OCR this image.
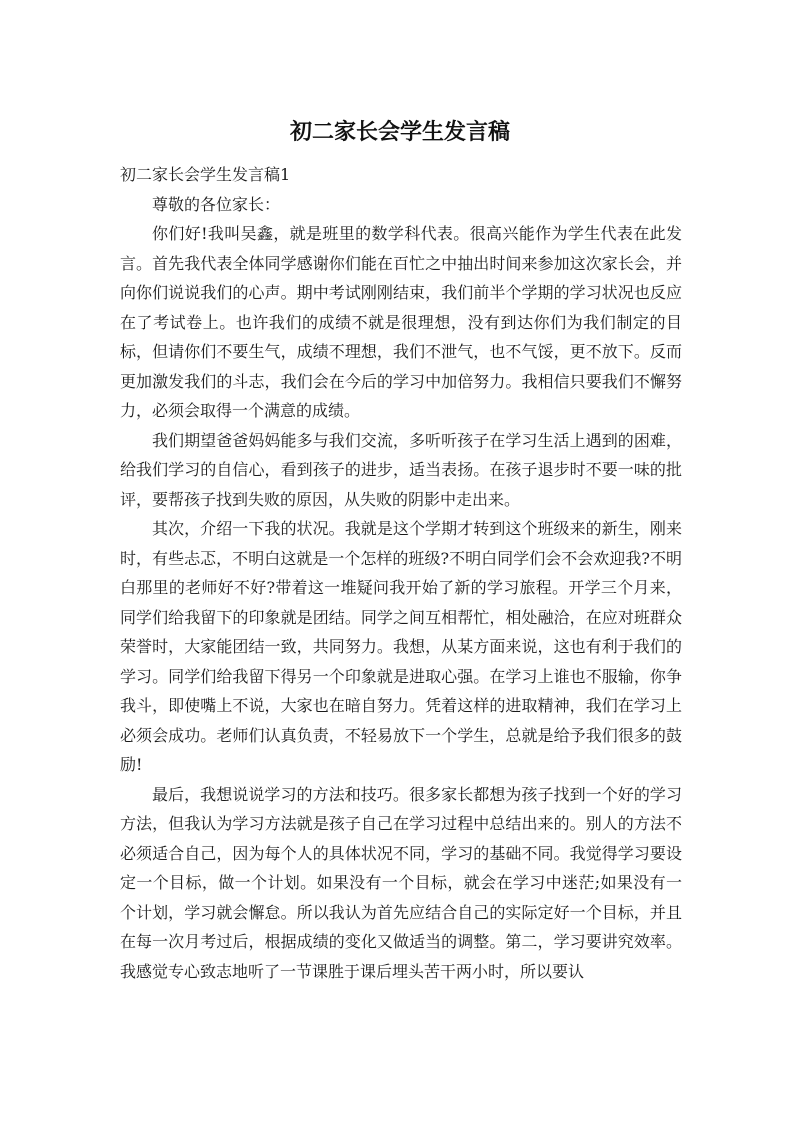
初二家长会学生发言稿

初二家长会学生发言稿1

尊敬的各位家长：

你们好!我叫吴鑫，就是班里的数学科代表。很高兴能作为学生代表在此发言。首先我代表全体同学感谢你们能在百忙之中抽出时间来参加这次家长会，并向你们说说我们的心声。期中考试刚刚结束，我们前半个学期的学习状况也反应在了考试卷上。也许我们的成绩不就是很理想，没有到达你们为我们制定的目标，但请你们不要生气，成绩不理想，我们不泄气，也不气馁，更不放下。反而更加激发我们的斗志，我们会在今后的学习中加倍努力。我相信只要我们不懈努力，必须会取得一个满意的成绩。

我们期望爸爸妈妈能多与我们交流，多听听孩子在学习生活上遇到的困难，给我们学习的自信心，看到孩子的进步，适当表扬。在孩子退步时不要一味的批评，要帮孩子找到失败的原因，从失败的阴影中走出来。

其次，介绍一下我的状况。我就是这个学期才转到这个班级来的新生，刚来时，有些忐忑，不明白这就是一个怎样的班级?不明白同学们会不会欢迎我?不明白那里的老师好不好?带着这一堆疑问我开始了新的学习旅程。开学三个月来，同学们给我留下的印象就是团结。同学之间互相帮忙，相处融洽，在应对班群众荣誉时，大家能团结一致，共同努力。我想，从某方面来说，这也有利于我们的学习。同学们给我留下得另一个印象就是进取心强。在学习上谁也不服输，你争我斗，即使嘴上不说，大家也在暗自努力。凭着这样的进取精神，我们在学习上必须会成功。老师们认真负责，不轻易放下一个学生，总就是给予我们很多的鼓励!

最后，我想说说学习的方法和技巧。很多家长都想为孩子找到一个好的学习方法，但我认为学习方法就是孩子自己在学习过程中总结出来的。别人的方法不必须适合自己，因为每个人的具体状况不同，学习的基础不同。我觉得学习要设定一个目标，做一个计划。如果没有一个目标，就会在学习中迷茫;如果没有一个计划，学习就会懈怠。所以我认为首先应结合自己的实际定好一个目标，并且在每一次月考过后，根据成绩的变化又做适当的调整。第二，学习要讲究效率。我感觉专心致志地听了一节课胜于课后埋头苦干两小时，所以要认
